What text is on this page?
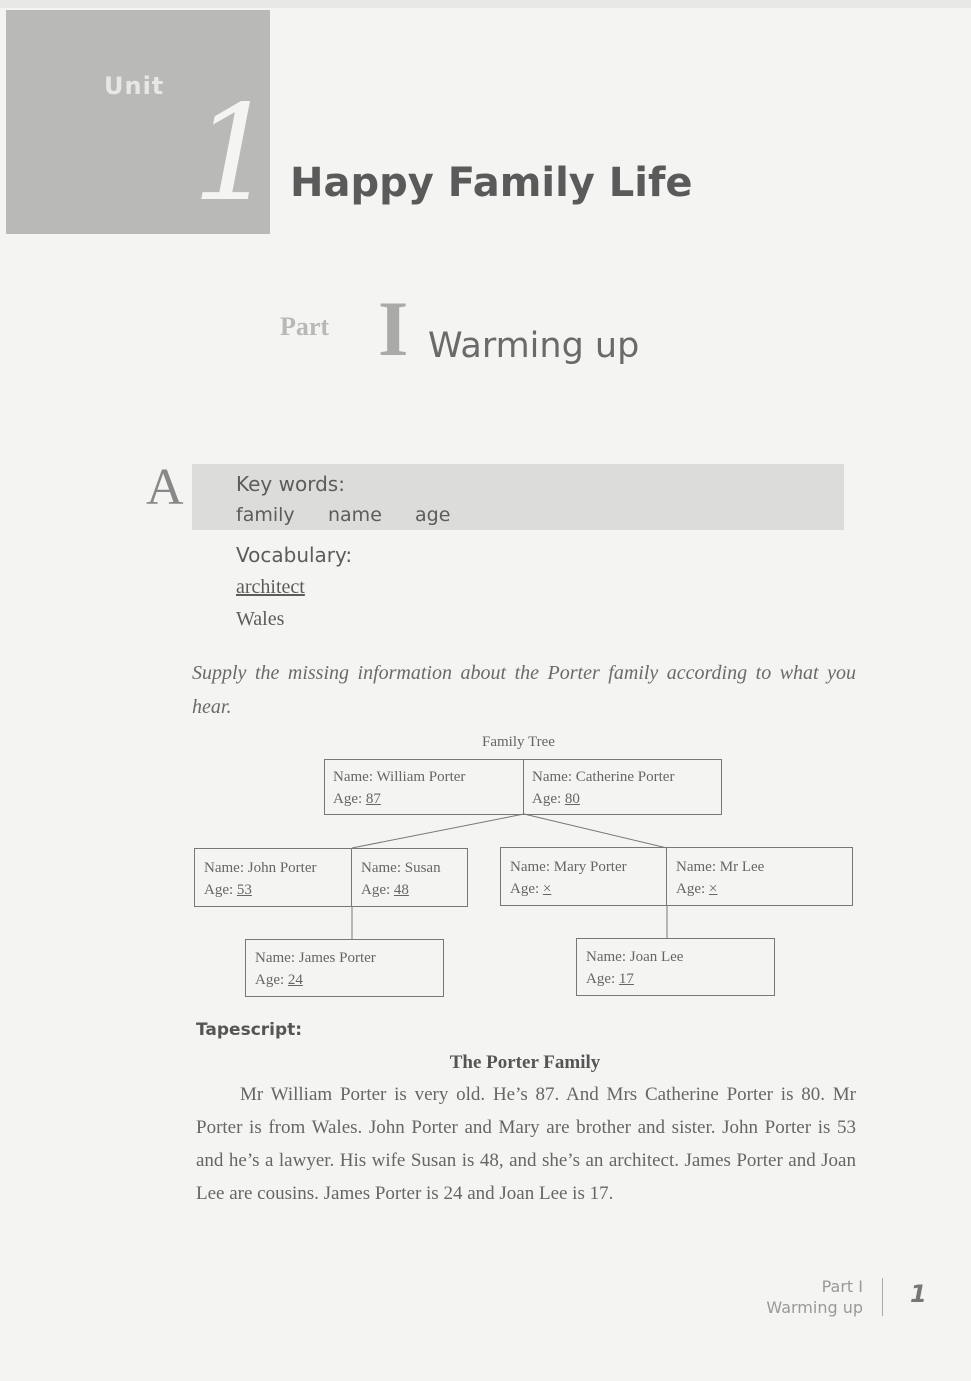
Unit 1 Happy Family Life
Part I Warming up
A	Key words:
family name age
Vocabulary:
architect
Wales
Supply the missing information about the Porter family according to what you hear.
Family Tree
Name: William Porter
Age: 87
Name: Catherine Porter
Age: 80
Name: John Porter
Age: 53
Name: Susan
Age: 48
Name: Mary Porter
Age: ×
Name: Mr Lee
Age: ×
Name: James Porter
Age: 24
Name: Joan Lee
Age: 17
Tapescript:
The Porter Family
Mr William Porter is very old. He’s 87. And Mrs Catherine Porter is 80. Mr Porter is from Wales. John Porter and Mary are brother and sister. John Porter is 53 and he’s a lawyer. His wife Susan is 48, and she’s an architect. James Porter and Joan Lee are cousins. James Porter is 24 and Joan Lee is 17.
Part I
Warming up 1
